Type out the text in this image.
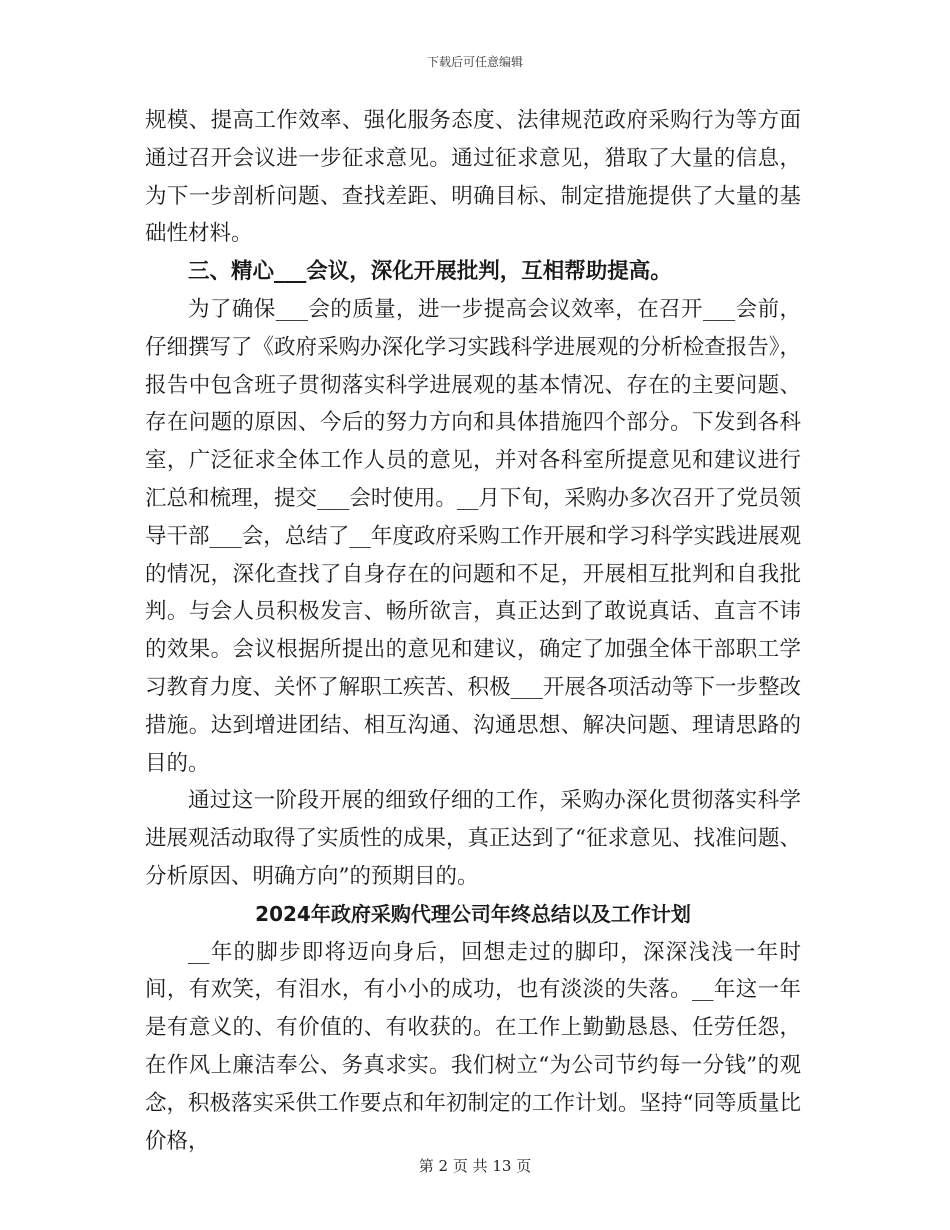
下载后可任意编辑

规模、提高工作效率、强化服务态度、法律规范政府采购行为等方面通过召开会议进一步征求意见。通过征求意见，猎取了大量的信息，为下一步剖析问题、查找差距、明确目标、制定措施提供了大量的基础性材料。

三、精心___会议，深化开展批判，互相帮助提高。

为了确保___会的质量，进一步提高会议效率，在召开___会前，仔细撰写了《政府采购办深化学习实践科学进展观的分析检查报告》，报告中包含班子贯彻落实科学进展观的基本情况、存在的主要问题、存在问题的原因、今后的努力方向和具体措施四个部分。下发到各科室，广泛征求全体工作人员的意见，并对各科室所提意见和建议进行汇总和梳理，提交___会时使用。__月下旬，采购办多次召开了党员领导干部___会，总结了__年度政府采购工作开展和学习科学实践进展观的情况，深化查找了自身存在的问题和不足，开展相互批判和自我批判。与会人员积极发言、畅所欲言，真正达到了敢说真话、直言不讳的效果。会议根据所提出的意见和建议，确定了加强全体干部职工学习教育力度、关怀了解职工疾苦、积极___开展各项活动等下一步整改措施。达到增进团结、相互沟通、沟通思想、解决问题、理请思路的目的。

通过这一阶段开展的细致仔细的工作，采购办深化贯彻落实科学进展观活动取得了实质性的成果，真正达到了“征求意见、找准问题、分析原因、明确方向”的预期目的。

2024年政府采购代理公司年终总结以及工作计划

__年的脚步即将迈向身后，回想走过的脚印，深深浅浅一年时间，有欢笑，有泪水，有小小的成功，也有淡淡的失落。__年这一年是有意义的、有价值的、有收获的。在工作上勤勤恳恳、任劳任怨，在作风上廉洁奉公、务真求实。我们树立“为公司节约每一分钱”的观念，积极落实采供工作要点和年初制定的工作计划。坚持“同等质量比价格，

第 2 页 共 13 页
